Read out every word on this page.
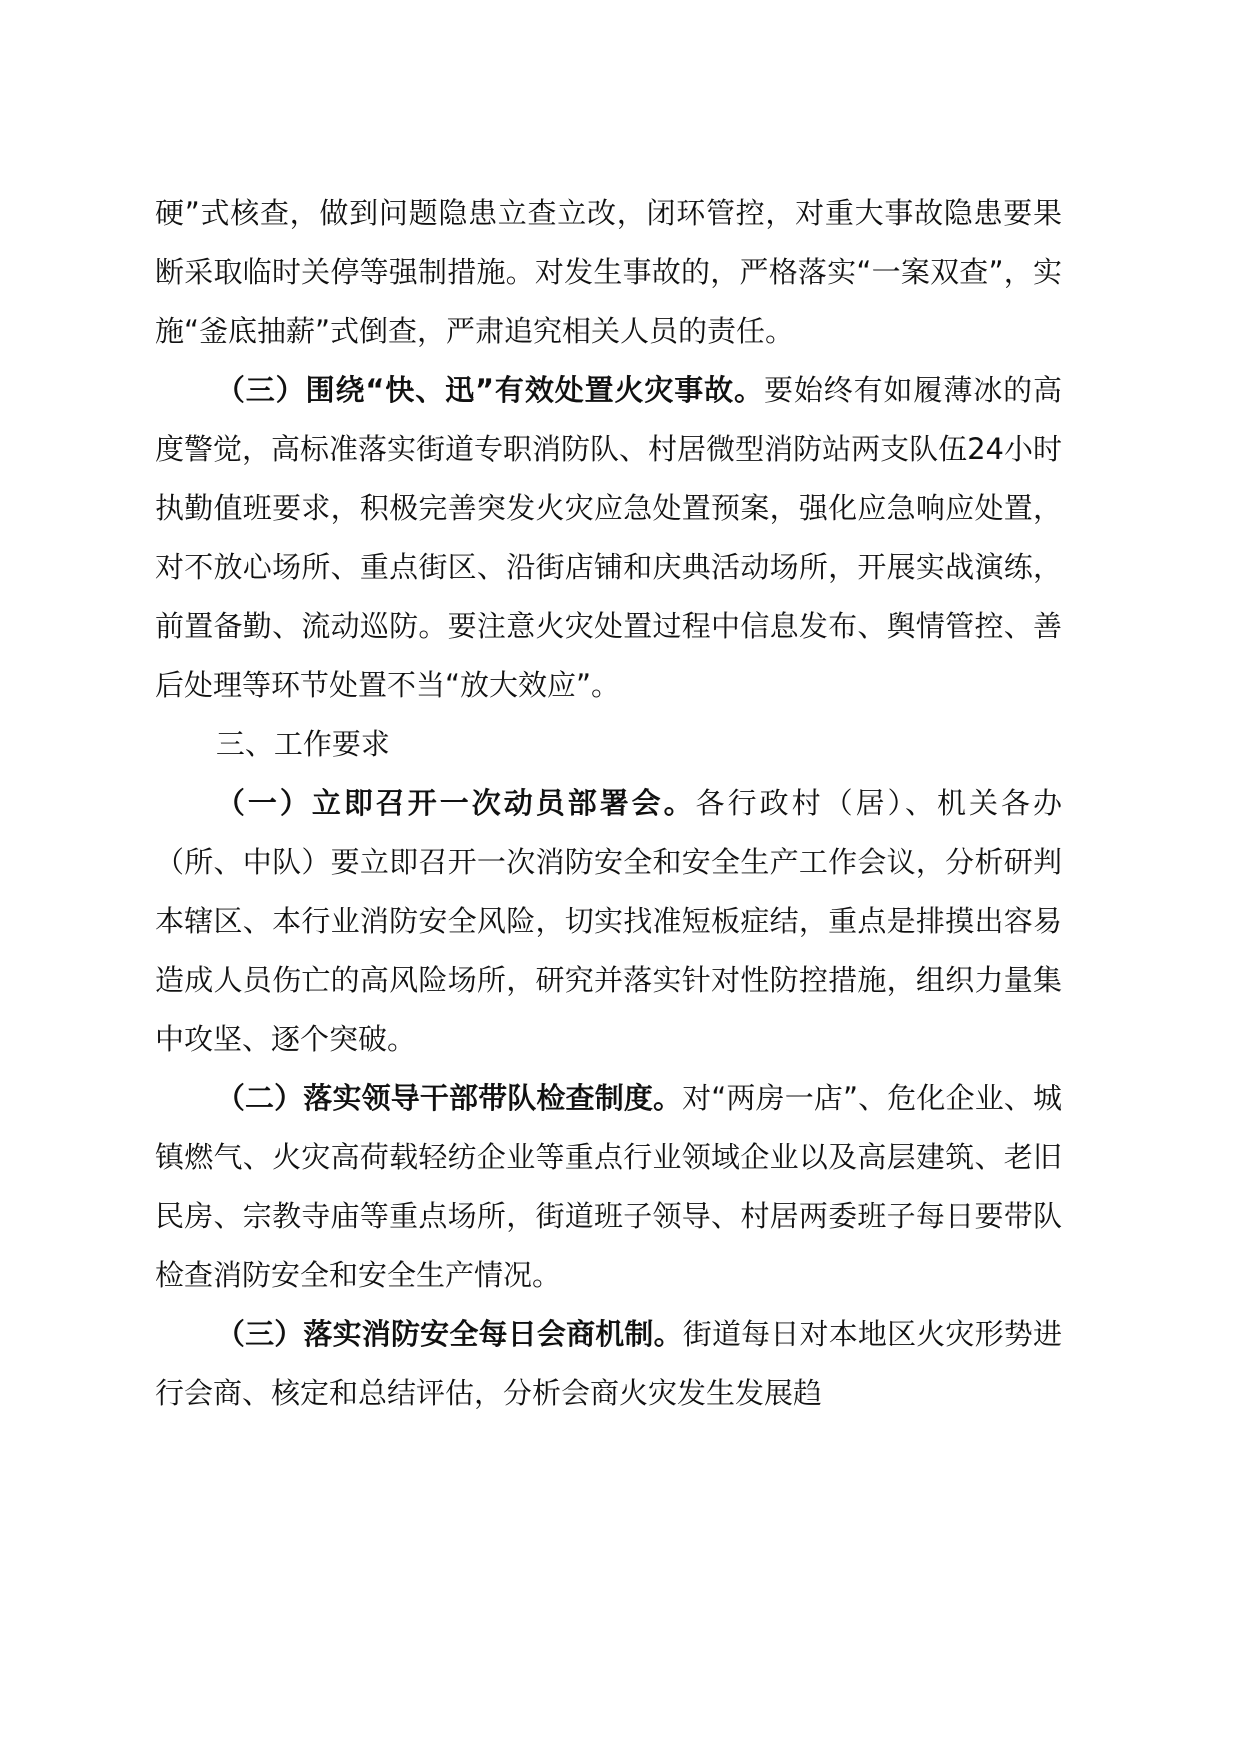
硬”式核查，做到问题隐患立查立改，闭环管控，对重大事故隐患要果断采取临时关停等强制措施。对发生事故的，严格落实“一案双查”，实施“釜底抽薪”式倒查，严肃追究相关人员的责任。

（三）围绕“快、迅”有效处置火灾事故。要始终有如履薄冰的高度警觉，高标准落实街道专职消防队、村居微型消防站两支队伍24小时执勤值班要求，积极完善突发火灾应急处置预案，强化应急响应处置，对不放心场所、重点街区、沿街店铺和庆典活动场所，开展实战演练，前置备勤、流动巡防。要注意火灾处置过程中信息发布、舆情管控、善后处理等环节处置不当“放大效应”。

三、工作要求

（一）立即召开一次动员部署会。各行政村（居）、机关各办（所、中队）要立即召开一次消防安全和安全生产工作会议，分析研判本辖区、本行业消防安全风险，切实找准短板症结，重点是排摸出容易造成人员伤亡的高风险场所，研究并落实针对性防控措施，组织力量集中攻坚、逐个突破。

（二）落实领导干部带队检查制度。对“两房一店”、危化企业、城镇燃气、火灾高荷载轻纺企业等重点行业领域企业以及高层建筑、老旧民房、宗教寺庙等重点场所，街道班子领导、村居两委班子每日要带队检查消防安全和安全生产情况。

（三）落实消防安全每日会商机制。街道每日对本地区火灾形势进行会商、核定和总结评估，分析会商火灾发生发展趋
